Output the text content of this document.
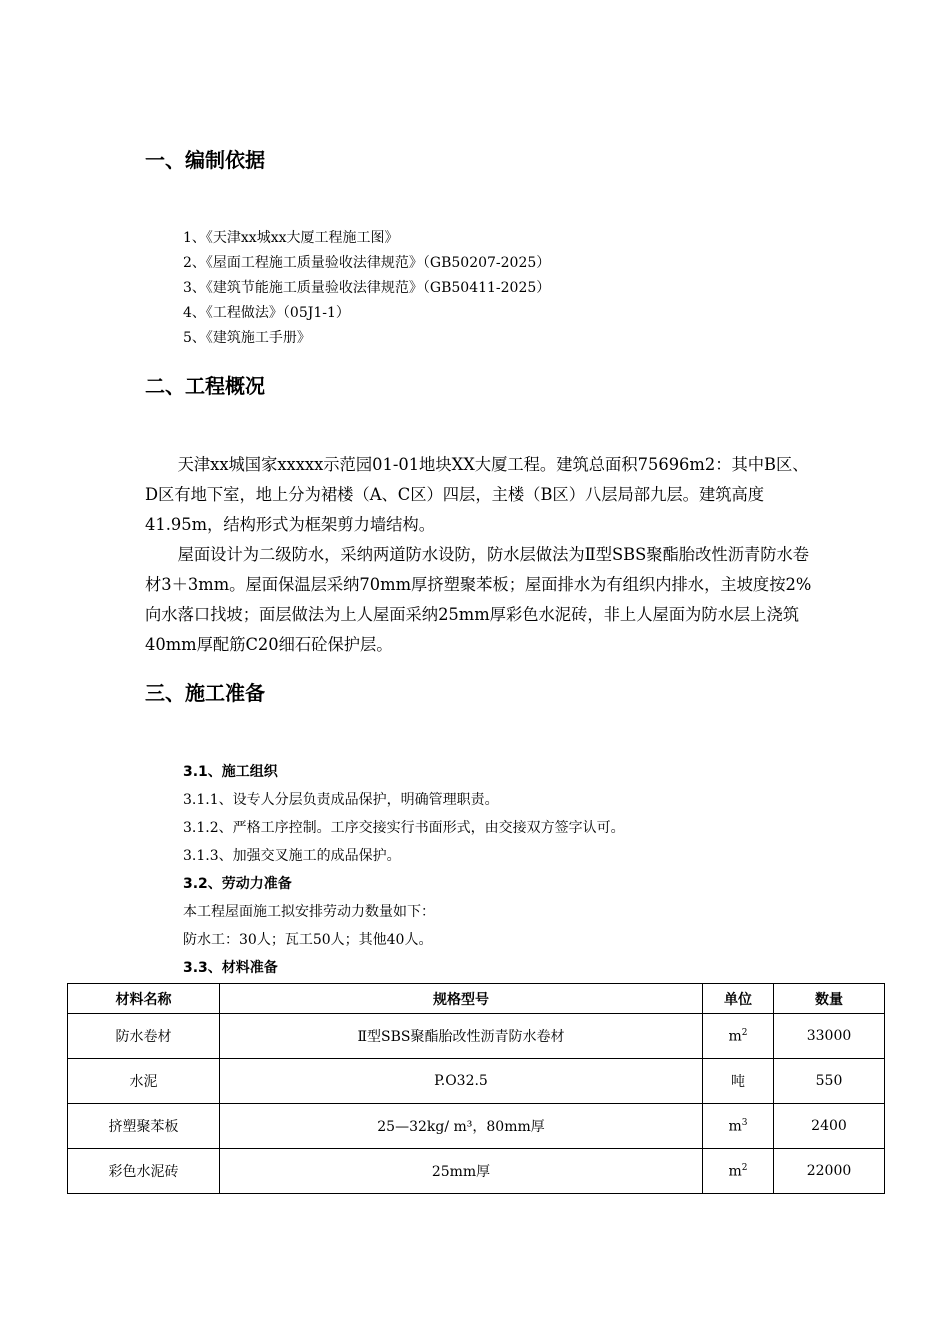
一、编制依据
1、《天津xx城xx大厦工程施工图》
2、《屋面工程施工质量验收法律规范》（GB50207-2025）
3、《建筑节能施工质量验收法律规范》（GB50411-2025）
4、《工程做法》（05J1-1）
5、《建筑施工手册》
二、工程概况

天津xx城国家xxxxx示范园01-01地块XX大厦工程。建筑总面积75696m2：其中B区、D区有地下室，地上分为裙楼（A、C区）四层，主楼（B区）八层局部九层。建筑高度41.95m，结构形式为框架剪力墙结构。

屋面设计为二级防水，采纳两道防水设防，防水层做法为Ⅱ型SBS聚酯胎改性沥青防水卷材3＋3mm。屋面保温层采纳70mm厚挤塑聚苯板；屋面排水为有组织内排水，主坡度按2%向水落口找坡；面层做法为上人屋面采纳25mm厚彩色水泥砖，非上人屋面为防水层上浇筑40mm厚配筋C20细石砼保护层。

三、施工准备

3.1、施工组织

3.1.1、设专人分层负责成品保护，明确管理职责。

3.1.2、严格工序控制。工序交接实行书面形式，由交接双方签字认可。

3.1.3、加强交叉施工的成品保护。

3.2、劳动力准备

本工程屋面施工拟安排劳动力数量如下：

防水工：30人；瓦工50人；其他40人。

3.3、材料准备

材料名称	规格型号	单位	数量
防水卷材	Ⅱ型SBS聚酯胎改性沥青防水卷材	$m^2$	33000
水泥	P.O32.5	吨	550
挤塑聚苯板	25—32kg/ m³，80mm厚	$m^3$	2400
彩色水泥砖	25mm厚	$m^2$	22000
